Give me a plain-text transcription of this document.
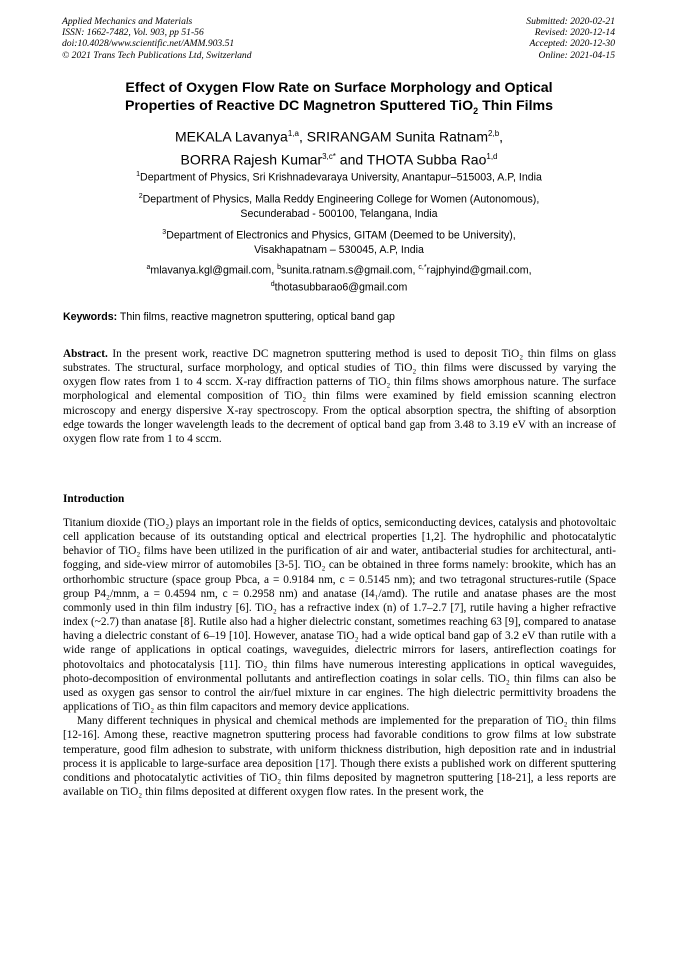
Applied Mechanics and Materials
ISSN: 1662-7482, Vol. 903, pp 51-56
doi:10.4028/www.scientific.net/AMM.903.51
© 2021 Trans Tech Publications Ltd, Switzerland
Submitted: 2020-02-21
Revised: 2020-12-14
Accepted: 2020-12-30
Online: 2021-04-15
Effect of Oxygen Flow Rate on Surface Morphology and Optical
Properties of Reactive DC Magnetron Sputtered TiO$_2$ Thin Films
MEKALA Lavanya$^{1,a}$, SRIRANGAM Sunita Ratnam$^{2,b}$,
BORRA Rajesh Kumar$^{3,c*}$ and THOTA Subba Rao$^{1,d}$
$^1$Department of Physics, Sri Krishnadevaraya University, Anantapur–515003, A.P, India
$^2$Department of Physics, Malla Reddy Engineering College for Women (Autonomous),
Secunderabad - 500100, Telangana, India
$^3$Department of Electronics and Physics, GITAM (Deemed to be University),
Visakhapatnam – 530045, A.P, India
$^a$mlavanya.kgl@gmail.com, $^b$sunita.ratnam.s@gmail.com, $^{c,*}$rajphyind@gmail.com,
$^d$thotasubbarao6@gmail.com
Keywords: Thin films, reactive magnetron sputtering, optical band gap

Abstract. In the present work, reactive DC magnetron sputtering method is used to deposit TiO₂ thin films on glass substrates. The structural, surface morphology, and optical studies of TiO₂ thin films were discussed by varying the oxygen flow rates from 1 to 4 sccm. X-ray diffraction patterns of TiO₂ thin films shows amorphous nature. The surface morphological and elemental composition of TiO₂ thin films were examined by field emission scanning electron microscopy and energy dispersive X-ray spectroscopy. From the optical absorption spectra, the shifting of absorption edge towards the longer wavelength leads to the decrement of optical band gap from 3.48 to 3.19 eV with an increase of oxygen flow rate from 1 to 4 sccm.

Introduction

Titanium dioxide (TiO₂) plays an important role in the fields of optics, semiconducting devices, catalysis and photovoltaic cell application because of its outstanding optical and electrical properties [1,2]. The hydrophilic and photocatalytic behavior of TiO₂ films have been utilized in the purification of air and water, antibacterial studies for architectural, anti-fogging, and side-view mirror of automobiles [3-5]. TiO₂ can be obtained in three forms namely: brookite, which has an orthorhombic structure (space group Pbca, a = 0.9184 nm, c = 0.5145 nm); and two tetragonal structures-rutile (Space group P4₂/mnm, a = 0.4594 nm, c = 0.2958 nm) and anatase (I4₁/amd). The rutile and anatase phases are the most commonly used in thin film industry [6]. TiO₂ has a refractive index (n) of 1.7–2.7 [7], rutile having a higher refractive index (~2.7) than anatase [8]. Rutile also had a higher dielectric constant, sometimes reaching 63 [9], compared to anatase having a dielectric constant of 6–19 [10]. However, anatase TiO₂ had a wide optical band gap of 3.2 eV than rutile with a wide range of applications in optical coatings, waveguides, dielectric mirrors for lasers, antireflection coatings for photovoltaics and photocatalysis [11]. TiO₂ thin films have numerous interesting applications in optical waveguides, photo-decomposition of environmental pollutants and antireflection coatings in solar cells. TiO₂ thin films can also be used as oxygen gas sensor to control the air/fuel mixture in car engines. The high dielectric permittivity broadens the applications of TiO₂ as thin film capacitors and memory device applications.

Many different techniques in physical and chemical methods are implemented for the preparation of TiO₂ thin films [12-16]. Among these, reactive magnetron sputtering process had favorable conditions to grow films at low substrate temperature, good film adhesion to substrate, with uniform thickness distribution, high deposition rate and in industrial process it is applicable to large-surface area deposition [17]. Though there exists a published work on different sputtering conditions and photocatalytic activities of TiO₂ thin films deposited by magnetron sputtering [18-21], a less reports are available on TiO₂ thin films deposited at different oxygen flow rates. In the present work, the
